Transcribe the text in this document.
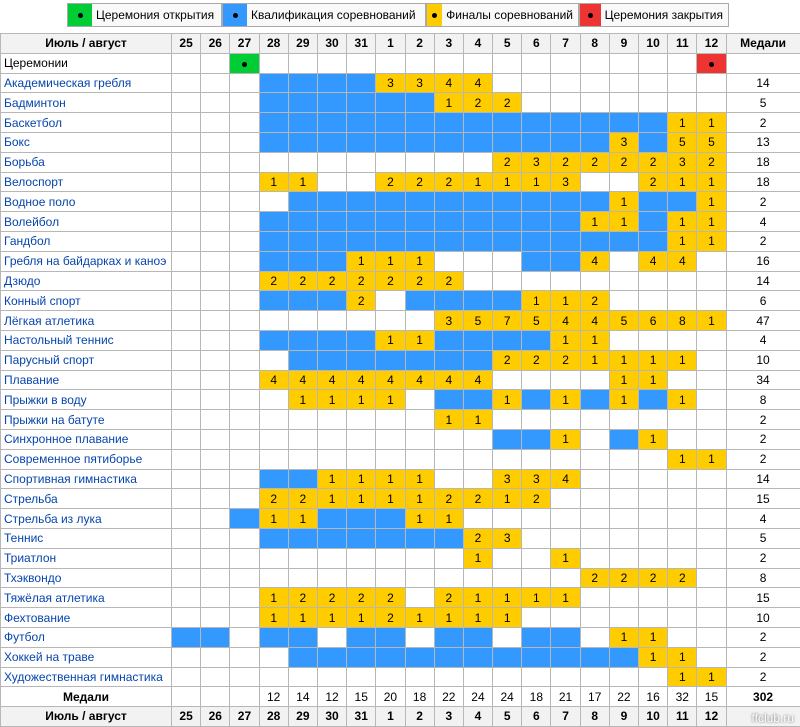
Церемония открытия	Квалификация соревнований	Финалы соревнований	Церемония закрытия
Июль / август	25	26	27	28	29	30	31	1	2	3	4	5	6	7	8	9	10	11	12	Медали
Церемонии																				
Академическая гребля								3	3	4	4									14
Бадминтон										1	2	2								5
Баскетбол																		1	1	2
Бокс																3		5	5	13
Борьба												2	3	2	2	2	2	3	2	18
Велоспорт				1	1			2	2	2	1	1	1	3			2	1	1	18
Водное поло																1			1	2
Волейбол															1	1		1	1	4
Гандбол																		1	1	2
Гребля на байдарках и каноэ							1	1	1						4		4	4		16
Дзюдо				2	2	2	2	2	2	2										14
Конный спорт							2						1	1	2					6
Лёгкая атлетика										3	5	7	5	4	4	5	6	8	1	47
Настольный теннис								1	1					1	1					4
Парусный спорт												2	2	2	1	1	1	1		10
Плавание				4	4	4	4	4	4	4	4					1	1			34
Прыжки в воду					1	1	1	1				1		1		1		1		8
Прыжки на батуте										1	1									2
Синхронное плавание														1			1			2
Современное пятиборье																		1	1	2
Спортивная гимнастика						1	1	1	1			3	3	4						14
Стрельба				2	2	1	1	1	1	2	2	1	2							15
Стрельба из лука				1	1				1	1										4
Теннис											2	3								5
Триатлон											1			1						2
Тхэквондо															2	2	2	2		8
Тяжёлая атлетика				1	2	2	2	2		2	1	1	1	1						15
Фехтование				1	1	1	1	2	1	1	1	1								10
Футбол																1	1			2
Хоккей на траве																	1	1		2
Художественная гимнастика																		1	1	2
Медали				12	14	12	15	20	18	22	24	24	18	21	17	22	16	32	15	302
Июль / август	25	26	27	28	29	30	31	1	2	3	4	5	6	7	8	9	10	11	12		ffclub.ru
